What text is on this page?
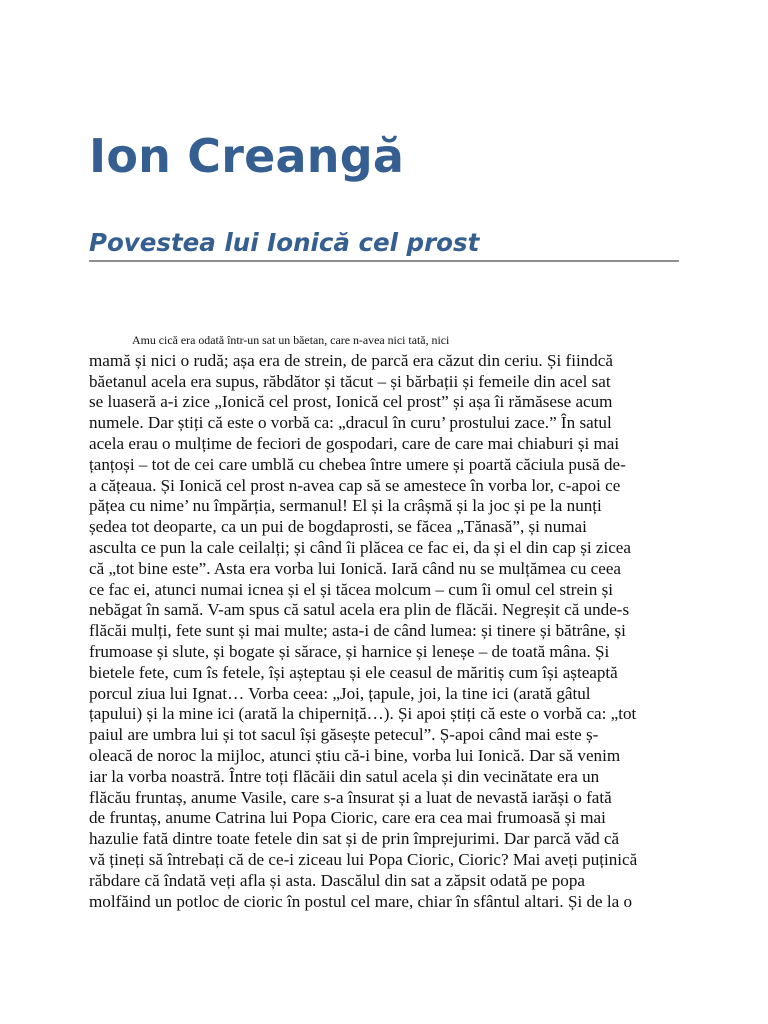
Ion Creangă
Povestea lui Ionică cel prost
Amu cică era odată într-un sat un băetan, care n-avea nici tată, nici
mamă și nici o rudă; așa era de strein, de parcă era căzut din ceriu. Și fiindcă
băetanul acela era supus, răbdător și tăcut – și bărbații și femeile din acel sat
se luaseră a-i zice „Ionică cel prost, Ionică cel prost” și așa îi rămăsese acum
numele. Dar știți că este o vorbă ca: „dracul în curu’ prostului zace.” În satul
acela erau o mulțime de feciori de gospodari, care de care mai chiaburi și mai
țanțoși – tot de cei care umblă cu chebea între umere și poartă căciula pusă de-
a cățeaua. Și Ionică cel prost n-avea cap să se amestece în vorba lor, c-apoi ce
pățea cu nime’ nu împărția, sermanul! El și la crâșmă și la joc și pe la nunți
ședea tot deoparte, ca un pui de bogdaprosti, se făcea „Tănasă”, și numai
asculta ce pun la cale ceilalți; și când îi plăcea ce fac ei, da și el din cap și zicea
că „tot bine este”. Asta era vorba lui Ionică. Iară când nu se mulțămea cu ceea
ce fac ei, atunci numai icnea și el și tăcea molcum – cum îi omul cel strein și
nebăgat în samă. V-am spus că satul acela era plin de flăcăi. Negreșit că unde-s
flăcăi mulți, fete sunt și mai multe; asta-i de când lumea: și tinere și bătrâne, și
frumoase și slute, și bogate și sărace, și harnice și leneșe – de toată mâna. Și
bietele fete, cum îs fetele, își așteptau și ele ceasul de măritiș cum își așteaptă
porcul ziua lui Ignat… Vorba ceea: „Joi, țapule, joi, la tine ici (arată gâtul
țapului) și la mine ici (arată la chiperniță…). Și apoi știți că este o vorbă ca: „tot
paiul are umbra lui și tot sacul își găsește petecul”. Ș-apoi când mai este ș-
oleacă de noroc la mijloc, atunci știu că-i bine, vorba lui Ionică. Dar să venim
iar la vorba noastră. Între toți flăcăii din satul acela și din vecinătate era un
flăcău fruntaș, anume Vasile, care s-a însurat și a luat de nevastă iarăși o fată
de fruntaș, anume Catrina lui Popa Cioric, care era cea mai frumoasă și mai
hazulie fată dintre toate fetele din sat și de prin împrejurimi. Dar parcă văd că
vă țineți să întrebați că de ce-i ziceau lui Popa Cioric, Cioric? Mai aveți puținică
răbdare că îndată veți afla și asta. Dascălul din sat a zăpsit odată pe popa
molfăind un potloc de cioric în postul cel mare, chiar în sfântul altari. Și de la o
